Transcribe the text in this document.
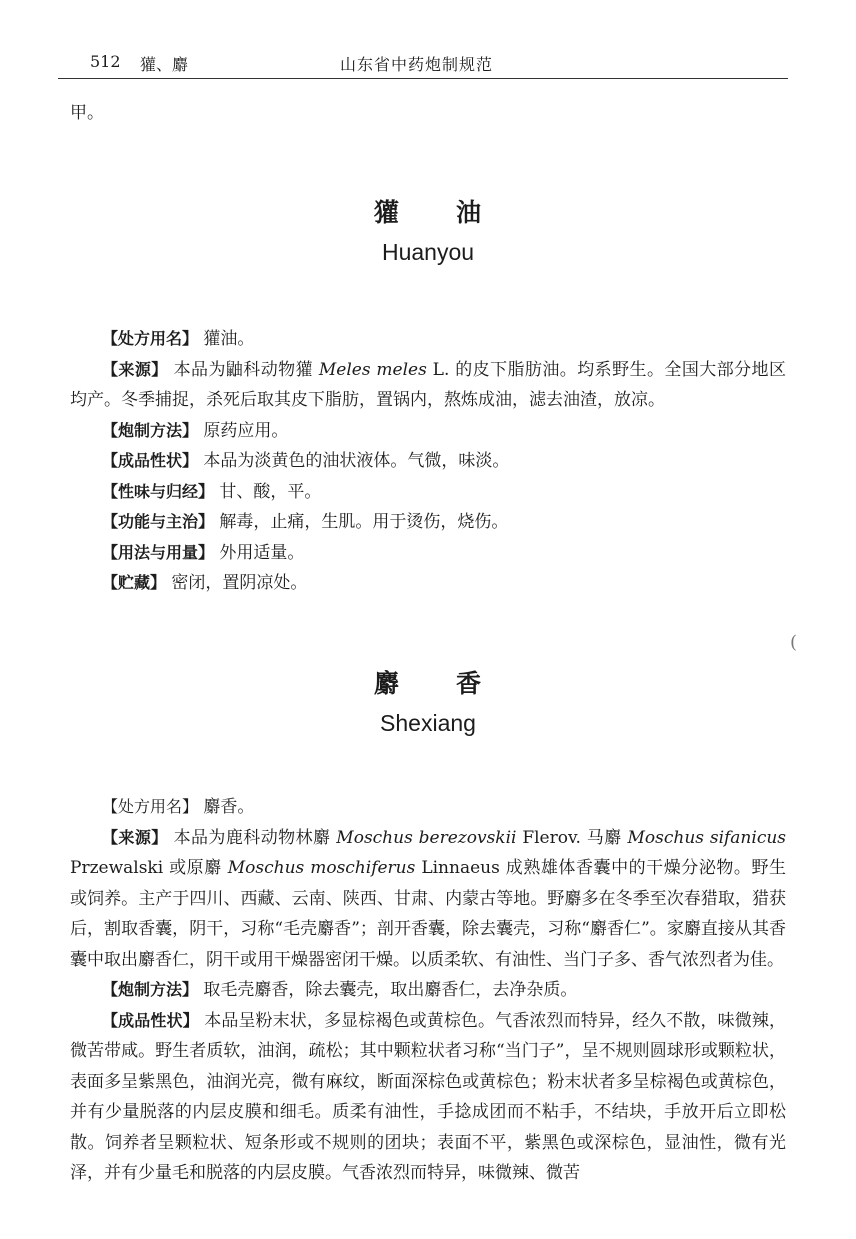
512 獾、麝	山东省中药炮制规范
甲。
獾 油
Huanyou

【处方用名】 獾油。

【来源】 本品为鼬科动物獾 Meles meles L. 的皮下脂肪油。均系野生。全国大部分地区均产。冬季捕捉，杀死后取其皮下脂肪，置锅内，熬炼成油，滤去油渣，放凉。

【炮制方法】 原药应用。

【成品性状】 本品为淡黄色的油状液体。气微，味淡。

【性味与归经】 甘、酸，平。

【功能与主治】 解毒，止痛，生肌。用于烫伤，烧伤。

【用法与用量】 外用适量。

【贮藏】 密闭，置阴凉处。

(
麝 香
Shexiang

【处方用名】 麝香。

【来源】 本品为鹿科动物林麝 Moschus berezovskii Flerov. 马麝 Moschus sifanicus Przewalski 或原麝 Moschus moschiferus Linnaeus 成熟雄体香囊中的干燥分泌物。野生或饲养。主产于四川、西藏、云南、陕西、甘肃、内蒙古等地。野麝多在冬季至次春猎取，猎获后，割取香囊，阴干，习称“毛壳麝香”；剖开香囊，除去囊壳，习称“麝香仁”。家麝直接从其香囊中取出麝香仁，阴干或用干燥器密闭干燥。以质柔软、有油性、当门子多、香气浓烈者为佳。

【炮制方法】 取毛壳麝香，除去囊壳，取出麝香仁，去净杂质。

【成品性状】 本品呈粉末状，多显棕褐色或黄棕色。气香浓烈而特异，经久不散，味微辣，微苦带咸。野生者质软，油润，疏松；其中颗粒状者习称“当门子”，呈不规则圆球形或颗粒状，表面多呈紫黑色，油润光亮，微有麻纹，断面深棕色或黄棕色；粉末状者多呈棕褐色或黄棕色，并有少量脱落的内层皮膜和细毛。质柔有油性，手捻成团而不粘手，不结块，手放开后立即松散。饲养者呈颗粒状、短条形或不规则的团块；表面不平，紫黑色或深棕色，显油性，微有光泽，并有少量毛和脱落的内层皮膜。气香浓烈而特异，味微辣、微苦
